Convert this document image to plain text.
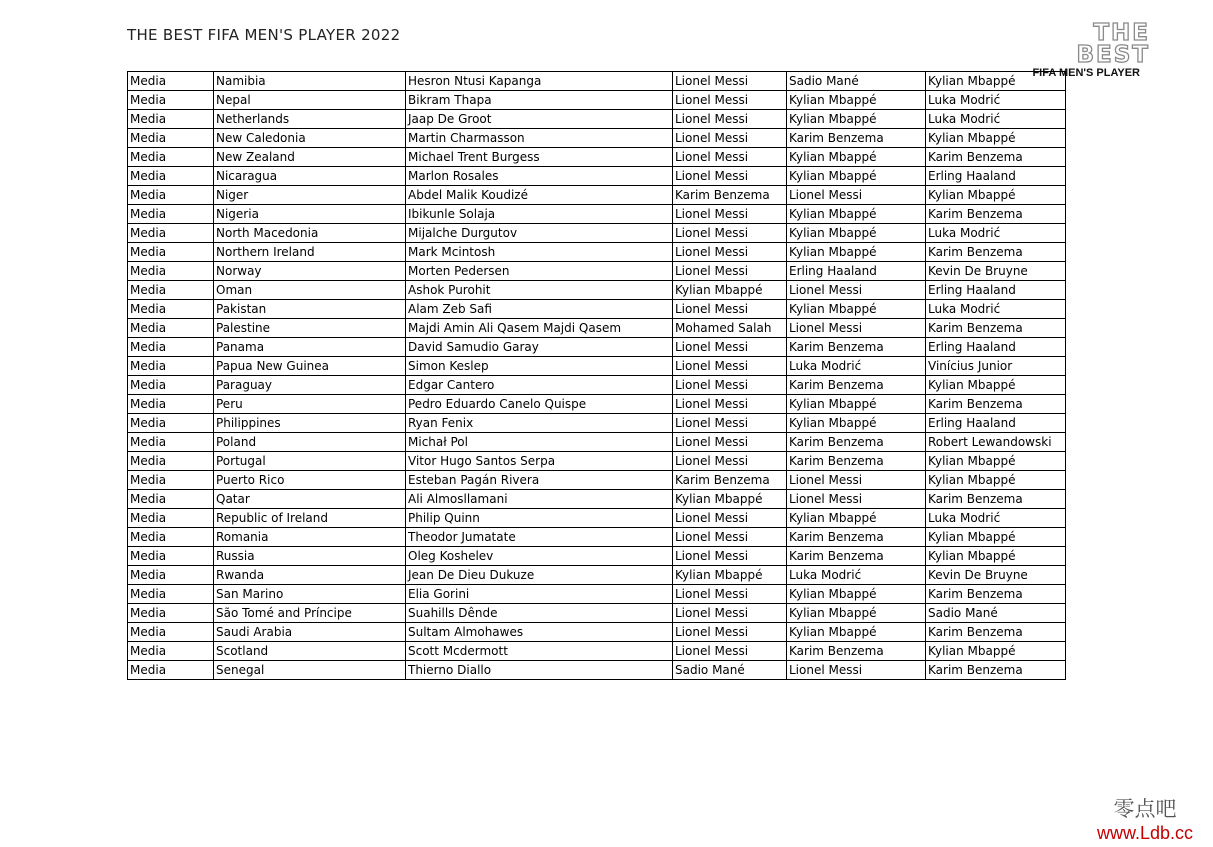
THE BEST FIFA MEN'S PLAYER 2022	THE BEST
FIFA MEN'S PLAYER
Media	Namibia	Hesron Ntusi Kapanga	Lionel Messi	Sadio Mané	Kylian Mbappé
Media	Nepal	Bikram Thapa	Lionel Messi	Kylian Mbappé	Luka Modrić
Media	Netherlands	Jaap De Groot	Lionel Messi	Kylian Mbappé	Luka Modrić
Media	New Caledonia	Martin Charmasson	Lionel Messi	Karim Benzema	Kylian Mbappé
Media	New Zealand	Michael Trent Burgess	Lionel Messi	Kylian Mbappé	Karim Benzema
Media	Nicaragua	Marlon Rosales	Lionel Messi	Kylian Mbappé	Erling Haaland
Media	Niger	Abdel Malik Koudizé	Karim Benzema	Lionel Messi	Kylian Mbappé
Media	Nigeria	Ibikunle Solaja	Lionel Messi	Kylian Mbappé	Karim Benzema
Media	North Macedonia	Mijalche Durgutov	Lionel Messi	Kylian Mbappé	Luka Modrić
Media	Northern Ireland	Mark Mcintosh	Lionel Messi	Kylian Mbappé	Karim Benzema
Media	Norway	Morten Pedersen	Lionel Messi	Erling Haaland	Kevin De Bruyne
Media	Oman	Ashok Purohit	Kylian Mbappé	Lionel Messi	Erling Haaland
Media	Pakistan	Alam Zeb Safi	Lionel Messi	Kylian Mbappé	Luka Modrić
Media	Palestine	Majdi Amin Ali Qasem Majdi Qasem	Mohamed Salah	Lionel Messi	Karim Benzema
Media	Panama	David Samudio Garay	Lionel Messi	Karim Benzema	Erling Haaland
Media	Papua New Guinea	Simon Keslep	Lionel Messi	Luka Modrić	Vinícius Junior
Media	Paraguay	Edgar Cantero	Lionel Messi	Karim Benzema	Kylian Mbappé
Media	Peru	Pedro Eduardo Canelo Quispe	Lionel Messi	Kylian Mbappé	Karim Benzema
Media	Philippines	Ryan Fenix	Lionel Messi	Kylian Mbappé	Erling Haaland
Media	Poland	Michał Pol	Lionel Messi	Karim Benzema	Robert Lewandowski
Media	Portugal	Vitor Hugo Santos Serpa	Lionel Messi	Karim Benzema	Kylian Mbappé
Media	Puerto Rico	Esteban Pagán Rivera	Karim Benzema	Lionel Messi	Kylian Mbappé
Media	Qatar	Ali Almosllamani	Kylian Mbappé	Lionel Messi	Karim Benzema
Media	Republic of Ireland	Philip Quinn	Lionel Messi	Kylian Mbappé	Luka Modrić
Media	Romania	Theodor Jumatate	Lionel Messi	Karim Benzema	Kylian Mbappé
Media	Russia	Oleg Koshelev	Lionel Messi	Karim Benzema	Kylian Mbappé
Media	Rwanda	Jean De Dieu Dukuze	Kylian Mbappé	Luka Modrić	Kevin De Bruyne
Media	San Marino	Elia Gorini	Lionel Messi	Kylian Mbappé	Karim Benzema
Media	São Tomé and Príncipe	Suahills Dênde	Lionel Messi	Kylian Mbappé	Sadio Mané
Media	Saudi Arabia	Sultam Almohawes	Lionel Messi	Kylian Mbappé	Karim Benzema
Media	Scotland	Scott Mcdermott	Lionel Messi	Karim Benzema	Kylian Mbappé
Media	Senegal	Thierno Diallo	Sadio Mané	Lionel Messi	Karim Benzema
零点吧
www.Ldb.cc
